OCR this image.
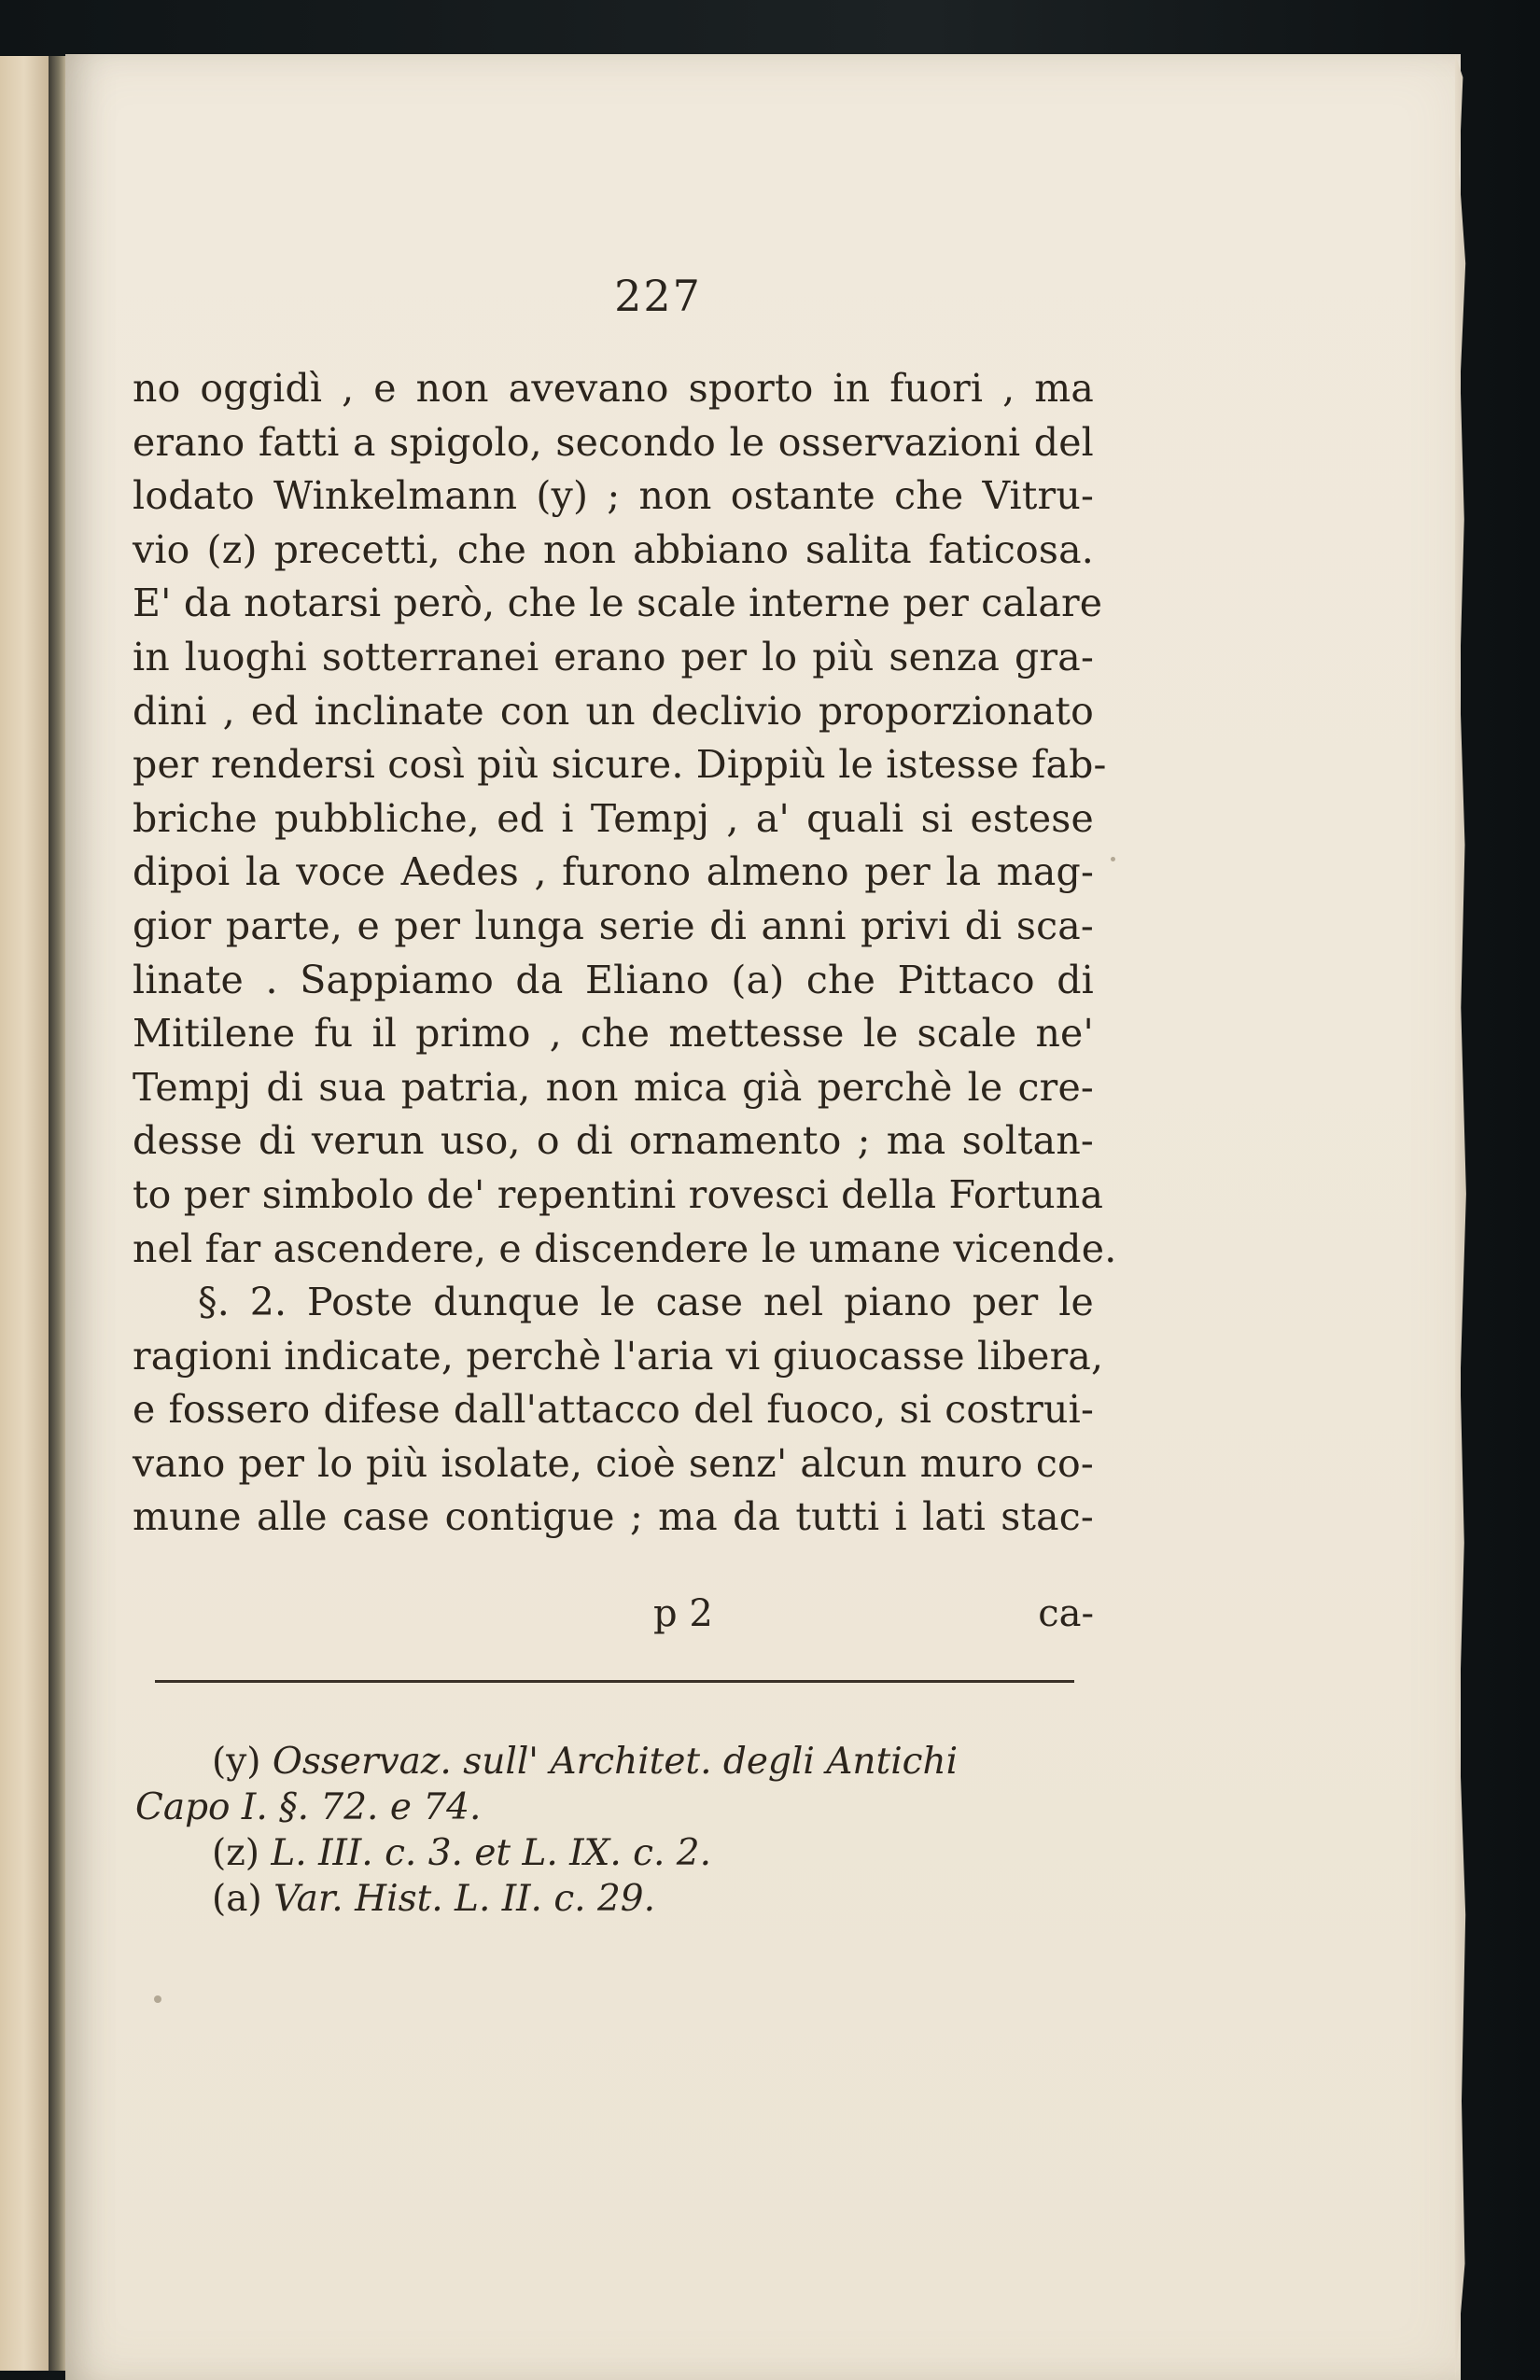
227
no oggidì , e non avevano sporto in fuori , ma
erano fatti a spigolo, secondo le osservazioni del
lodato Winkelmann (y) ; non ostante che Vitru-
vio (z) precetti, che non abbiano salita faticosa.
E' da notarsi però, che le scale interne per calare
in luoghi sotterranei erano per lo più senza gra-
dini , ed inclinate con un declivio proporzionato
per rendersi così più sicure. Dippiù le istesse fab-
briche pubbliche, ed i Tempj , a' quali si estese
dipoi la voce Aedes , furono almeno per la mag-
gior parte, e per lunga serie di anni privi di sca-
linate . Sappiamo da Eliano (a) che Pittaco di
Mitilene fu il primo , che mettesse le scale ne'
Tempj di sua patria, non mica già perchè le cre-
desse di verun uso, o di ornamento ; ma soltan-
to per simbolo de' repentini rovesci della Fortuna
nel far ascendere, e discendere le umane vicende.
§. 2. Poste dunque le case nel piano per le
ragioni indicate, perchè l'aria vi giuocasse libera,
e fossero difese dall'attacco del fuoco, si costrui-
vano per lo più isolate, cioè senz' alcun muro co-
mune alle case contigue ; ma da tutti i lati stac-
p 2	ca-
(y) Osservaz. sull' Architet. degli Antichi
Capo I. §. 72. e 74.
(z) L. III. c. 3. et L. IX. c. 2.
(a) Var. Hist. L. II. c. 29.
